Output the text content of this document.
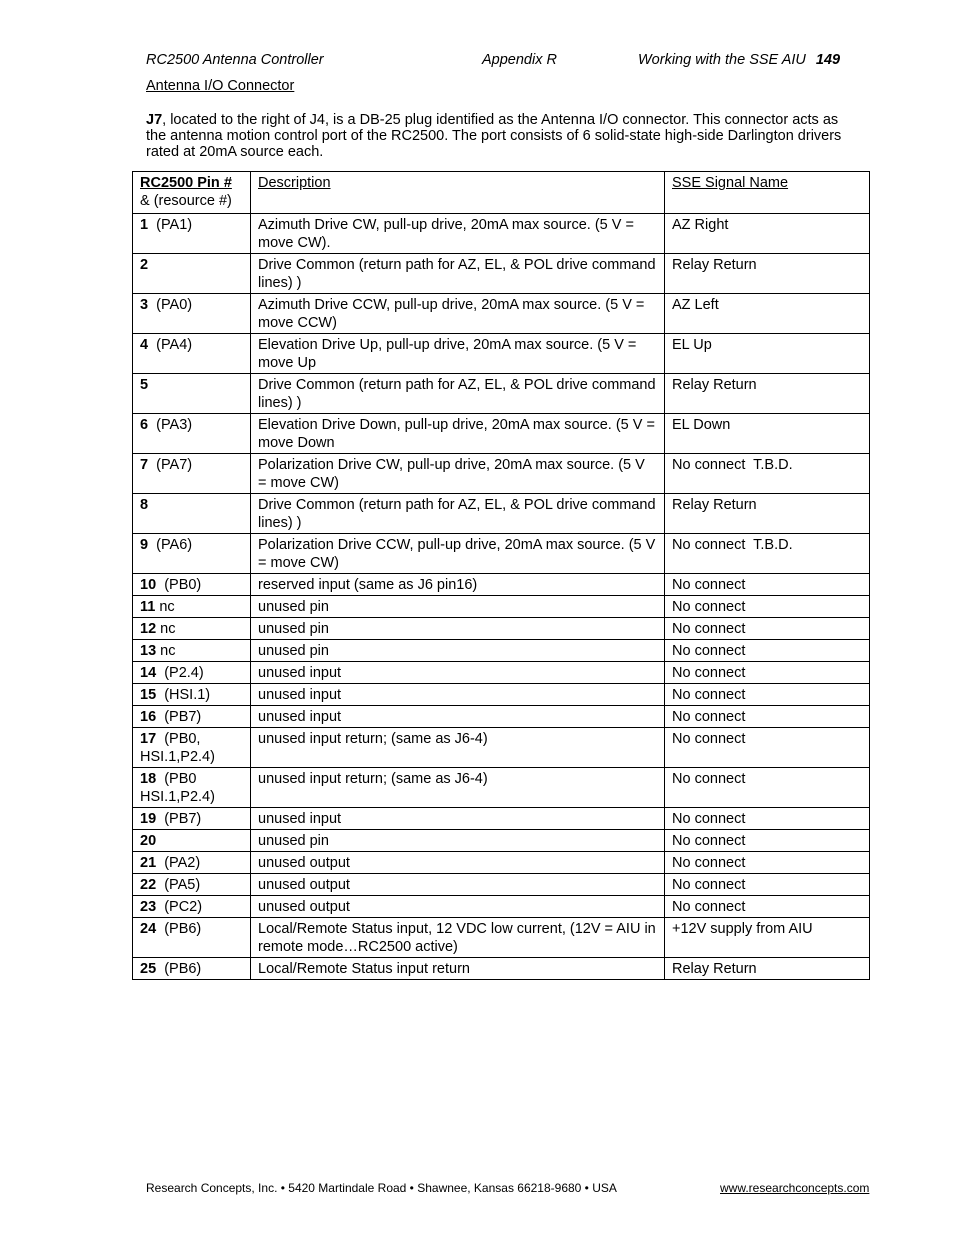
RC2500 Antenna Controller	Appendix R	Working with the SSE AIU 149
Antenna I/O Connector
J7, located to the right of J4, is a DB-25 plug identified as the Antenna I/O connector. This connector acts as the antenna motion control port of the RC2500. The port consists of 6 solid-state high-side Darlington drivers rated at 20mA source each.
RC2500 Pin #
& (resource #)	Description	SSE Signal Name
1  (PA1)	Azimuth Drive CW, pull-up drive, 20mA max source. (5 V = move CW).	AZ Right
2	Drive Common (return path for AZ, EL, & POL drive command lines) )	Relay Return
3  (PA0)	Azimuth Drive CCW, pull-up drive, 20mA max source. (5 V = move CCW)	AZ Left
4  (PA4)	Elevation Drive Up, pull-up drive, 20mA max source. (5 V = move Up	EL Up
5	Drive Common (return path for AZ, EL, & POL drive command lines) )	Relay Return
6  (PA3)	Elevation Drive Down, pull-up drive, 20mA max source. (5 V = move Down	EL Down
7  (PA7)	Polarization Drive CW, pull-up drive, 20mA max source. (5 V = move CW)	No connect  T.B.D.
8	Drive Common (return path for AZ, EL, & POL drive command lines) )	Relay Return
9  (PA6)	Polarization Drive CCW, pull-up drive, 20mA max source. (5 V = move CW)	No connect  T.B.D.
10  (PB0)	reserved input (same as J6 pin16)	No connect
11 nc	unused pin	No connect
12 nc	unused pin	No connect
13 nc	unused pin	No connect
14  (P2.4)	unused input	No connect
15  (HSI.1)	unused input	No connect
16  (PB7)	unused input	No connect
17  (PB0, HSI.1,P2.4)	unused input return; (same as J6-4)	No connect
18  (PB0 HSI.1,P2.4)	unused input return; (same as J6-4)	No connect
19  (PB7)	unused input	No connect
20	unused pin	No connect
21  (PA2)	unused output	No connect
22  (PA5)	unused output	No connect
23  (PC2)	unused output	No connect
24  (PB6)	Local/Remote Status input, 12 VDC low current, (12V = AIU in remote mode…RC2500 active)	+12V supply from AIU
25  (PB6)	Local/Remote Status input return	Relay Return
Research Concepts, Inc. • 5420 Martindale Road • Shawnee, Kansas 66218-9680 • USA	www.researchconcepts.com
